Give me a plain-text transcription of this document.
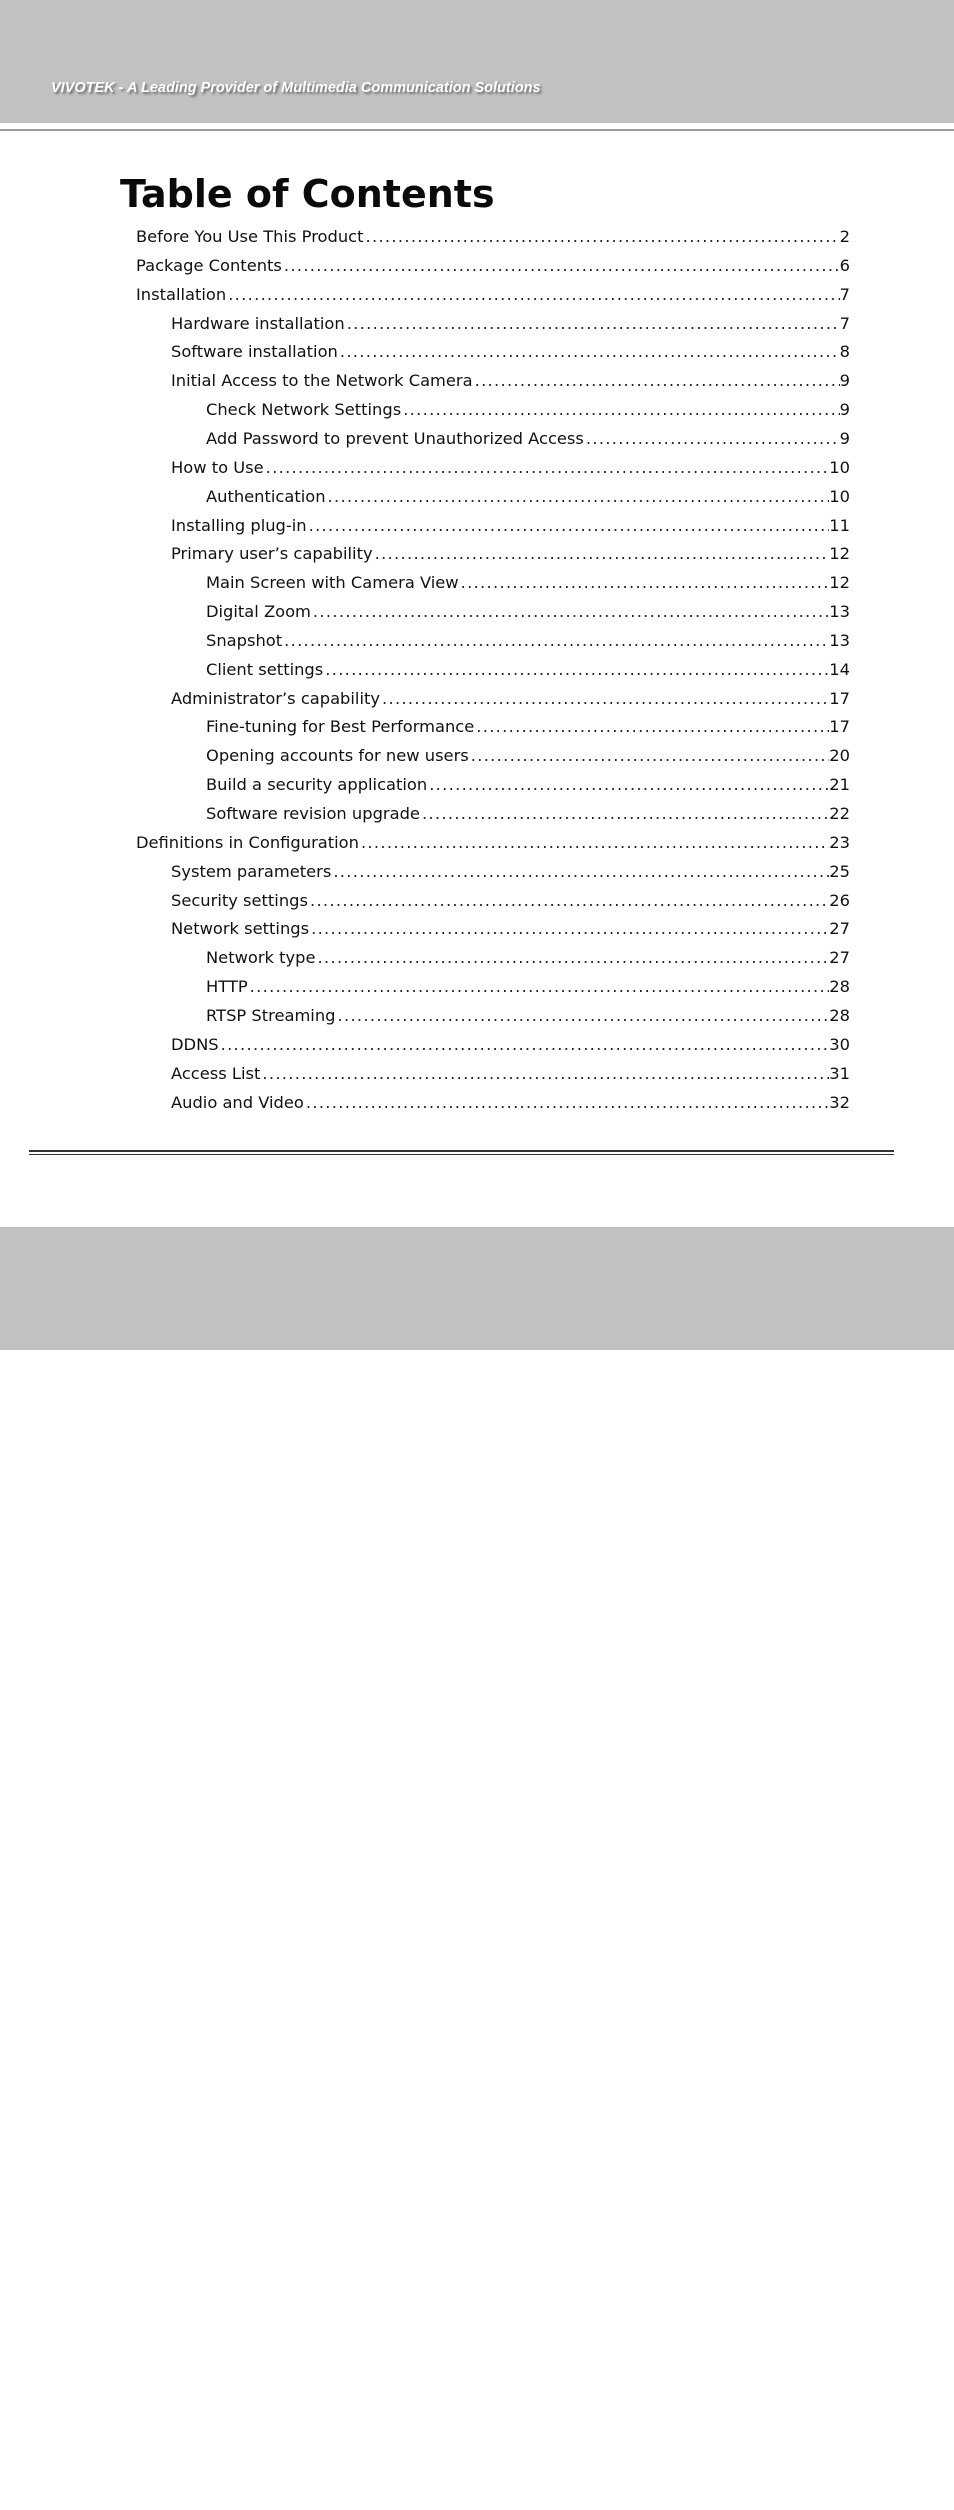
VIVOTEK - A Leading Provider of Multimedia Communication Solutions
Table of Contents
Before You Use This Product .....	2
Package Contents .....	6
Installation .....	7
Hardware installation .....	7
Software installation .....	8
Initial Access to the Network Camera .....	9
Check Network Settings .....	9
Add Password to prevent Unauthorized Access .....	9
How to Use .....	10
Authentication .....	10
Installing plug-in .....	11
Primary user’s capability .....	12
Main Screen with Camera View .....	12
Digital Zoom .....	13
Snapshot .....	13
Client settings .....	14
Administrator’s capability .....	17
Fine-tuning for Best Performance .....	17
Opening accounts for new users .....	20
Build a security application .....	21
Software revision upgrade .....	22
Definitions in Configuration .....	23
System parameters .....	25
Security settings .....	26
Network settings .....	27
Network type .....	27
HTTP .....	28
RTSP Streaming .....	28
DDNS .....	30
Access List .....	31
Audio and Video .....	32
3 - User's Manual
